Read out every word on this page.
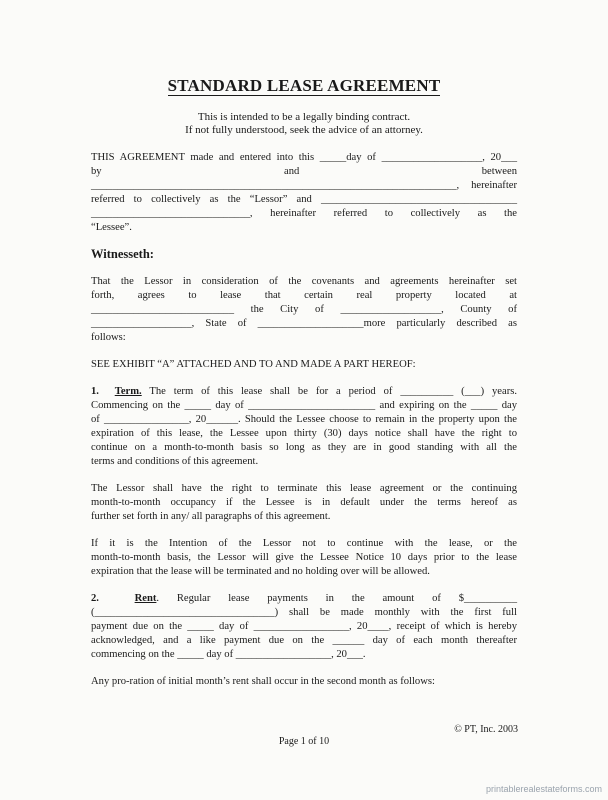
STANDARD LEASE AGREEMENT
This is intended to be a legally binding contract.
If not fully understood, seek the advice of an attorney.
THIS AGREEMENT made and entered into this _____day of ___________________, 20___
by and between
_____________________________________________________________________, hereinafter
referred to collectively as the “Lessor” and _____________________________________
______________________________, hereinafter referred to collectively as the
“Lessee”.
Witnesseth:
That the Lessor in consideration of the covenants and agreements hereinafter set
forth, agrees to lease that certain real property located at
___________________________ the City of ___________________, County of
___________________, State of ____________________more particularly described as
follows:
SEE EXHIBIT “A” ATTACHED AND TO AND MADE A PART HEREOF:
1. Term. The term of this lease shall be for a period of __________ (___) years.
Commencing on the _____ day of ________________________ and expiring on the _____ day
of ________________, 20______. Should the Lessee choose to remain in the property upon the
expiration of this lease, the Lessee upon thirty (30) days notice shall have the right to
continue on a month-to-month basis so long as they are in good standing with all the
terms and conditions of this agreement.
The Lessor shall have the right to terminate this lease agreement or the continuing
month-to-month occupancy if the Lessee is in default under the terms hereof as
further set forth in any/ all paragraphs of this agreement.
If it is the Intention of the Lessor not to continue with the lease, or the
month-to-month basis, the Lessor will give the Lessee Notice 10 days prior to the lease
expiration that the lease will be terminated and no holding over will be allowed.
2.	Rent. Regular lease payments in the amount of $__________
(__________________________________) shall be made monthly with the first full
payment due on the _____ day of __________________, 20____, receipt of which is hereby
acknowledged, and a like payment due on the ______ day of each month thereafter
commencing on the _____ day of __________________, 20___.
Any pro-ration of initial month’s rent shall occur in the second month as follows:
© PT, Inc. 2003
Page 1 of 10
printablerealestateforms.com
